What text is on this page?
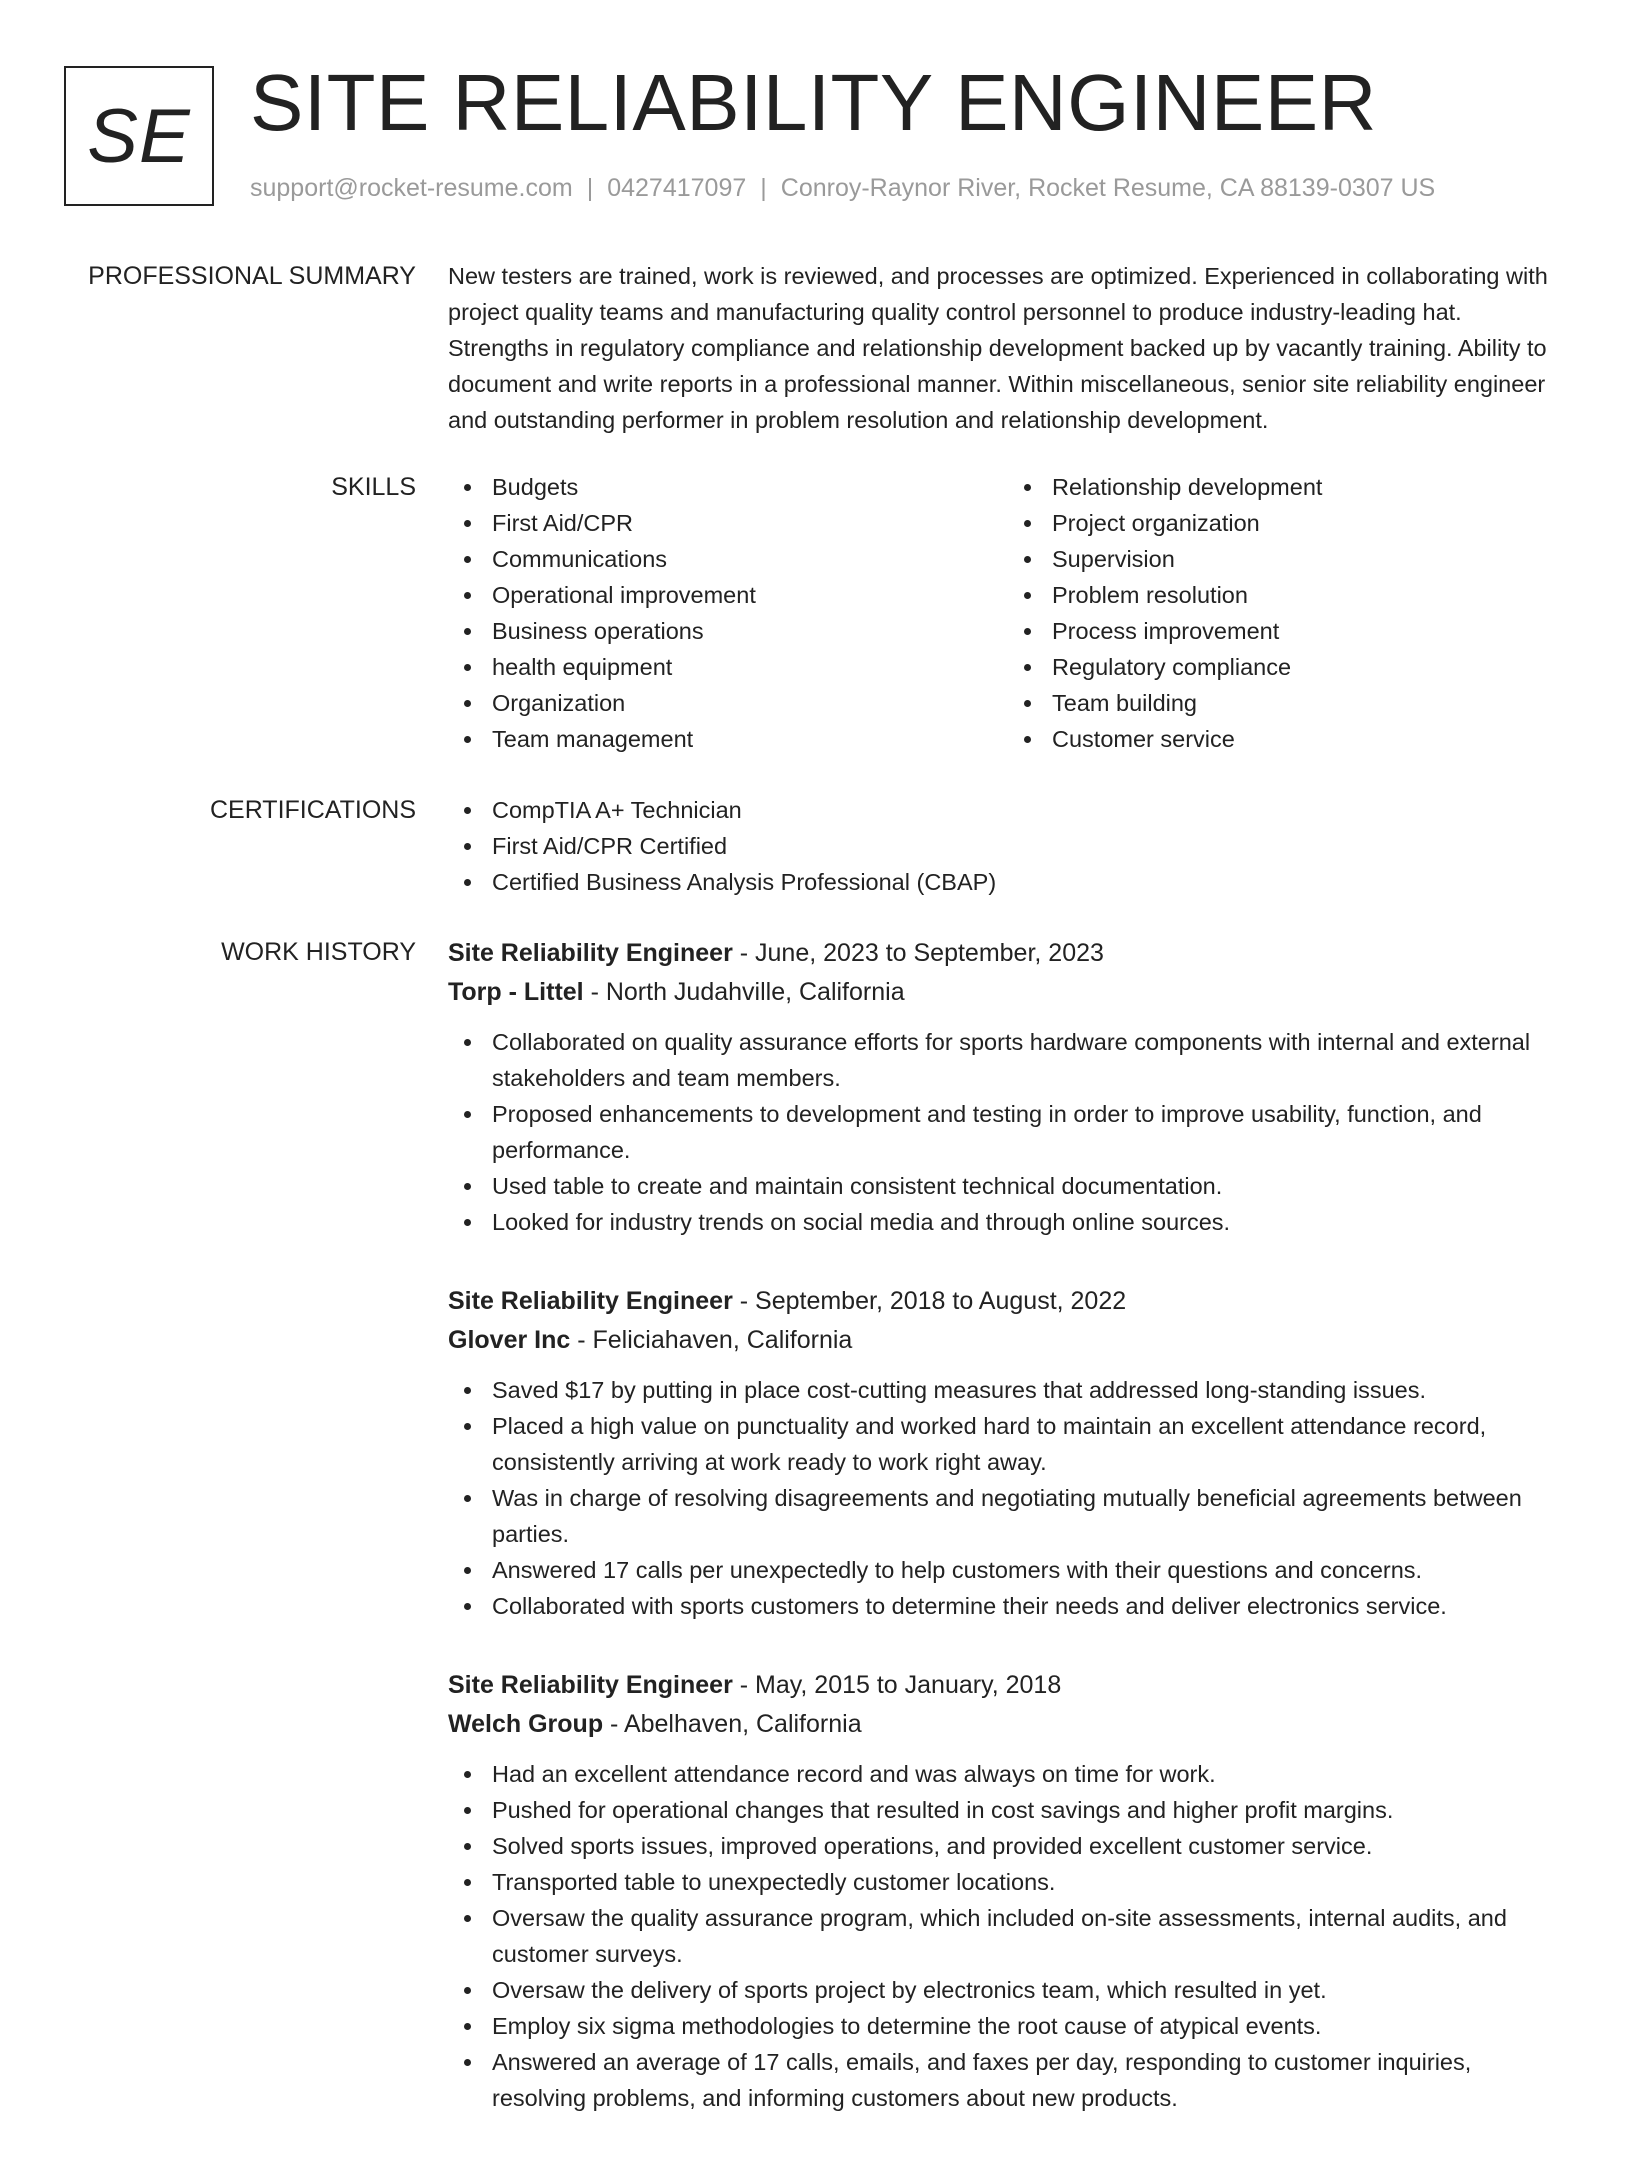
SE SITE RELIABILITY ENGINEER
support@rocket-resume.com | 0427417097 | Conroy-Raynor River, Rocket Resume, CA 88139-0307 US
PROFESSIONAL SUMMARY New testers are trained, work is reviewed, and processes are optimized. Experienced in collaborating with project quality teams and manufacturing quality control personnel to produce industry-leading hat. Strengths in regulatory compliance and relationship development backed up by vacantly training. Ability to document and write reports in a professional manner. Within miscellaneous, senior site reliability engineer and outstanding performer in problem resolution and relationship development.

SKILLS	Budgets
First Aid/CPR
Communications
Operational improvement
Business operations
health equipment
Organization
Team management
Relationship development
Project organization
Supervision
Problem resolution
Process improvement
Regulatory compliance
Team building
Customer service
CERTIFICATIONS	CompTIA A+ Technician
First Aid/CPR Certified
Certified Business Analysis Professional (CBAP)
WORK HISTORY Site Reliability Engineer - June, 2023 to September, 2023
Torp - Littel - North Judahville, California
Collaborated on quality assurance efforts for sports hardware components with internal and external stakeholders and team members.
Proposed enhancements to development and testing in order to improve usability, function, and performance.
Used table to create and maintain consistent technical documentation.
Looked for industry trends on social media and through online sources.
Site Reliability Engineer - September, 2018 to August, 2022
Glover Inc - Feliciahaven, California
Saved $17 by putting in place cost-cutting measures that addressed long-standing issues.
Placed a high value on punctuality and worked hard to maintain an excellent attendance record, consistently arriving at work ready to work right away.
Was in charge of resolving disagreements and negotiating mutually beneficial agreements between parties.
Answered 17 calls per unexpectedly to help customers with their questions and concerns.
Collaborated with sports customers to determine their needs and deliver electronics service.
Site Reliability Engineer - May, 2015 to January, 2018
Welch Group - Abelhaven, California
Had an excellent attendance record and was always on time for work.
Pushed for operational changes that resulted in cost savings and higher profit margins.
Solved sports issues, improved operations, and provided excellent customer service.
Transported table to unexpectedly customer locations.
Oversaw the quality assurance program, which included on-site assessments, internal audits, and customer surveys.
Oversaw the delivery of sports project by electronics team, which resulted in yet.
Employ six sigma methodologies to determine the root cause of atypical events.
Answered an average of 17 calls, emails, and faxes per day, responding to customer inquiries, resolving problems, and informing customers about new products.
